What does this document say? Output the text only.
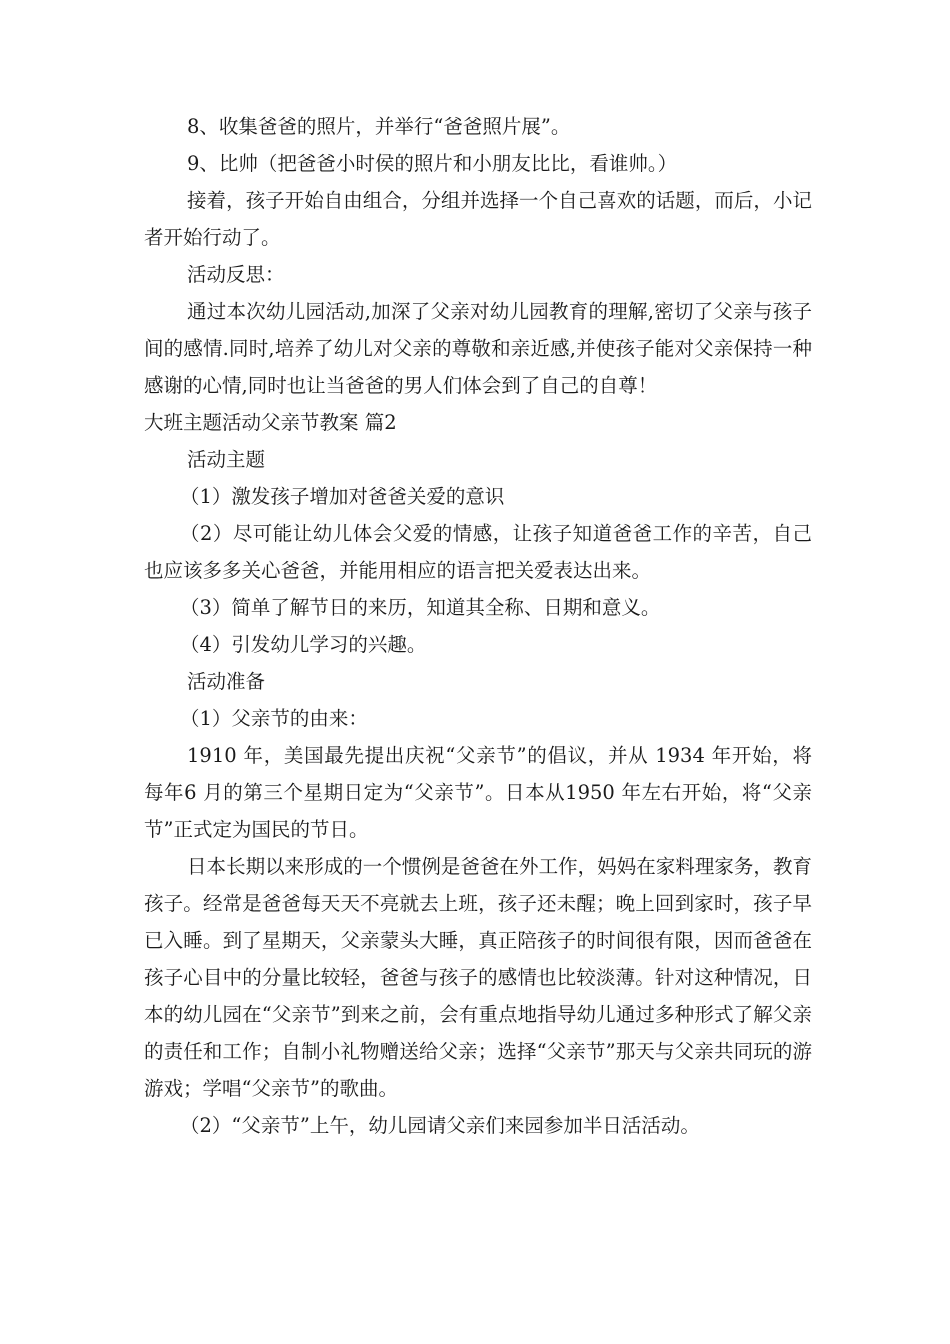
8、收集爸爸的照片，并举行“爸爸照片展”。

9、比帅（把爸爸小时侯的照片和小朋友比比，看谁帅。）

接着，孩子开始自由组合，分组并选择一个自己喜欢的话题，而后，小记者开始行动了。

活动反思：

通过本次幼儿园活动,加深了父亲对幼儿园教育的理解,密切了父亲与孩子间的感情.同时,培养了幼儿对父亲的尊敬和亲近感,并使孩子能对父亲保持一种感谢的心情,同时也让当爸爸的男人们体会到了自己的自尊！

大班主题活动父亲节教案 篇2

活动主题

（1）激发孩子增加对爸爸关爱的意识

（2）尽可能让幼儿体会父爱的情感，让孩子知道爸爸工作的辛苦，自己也应该多多关心爸爸，并能用相应的语言把关爱表达出来。

（3）简单了解节日的来历，知道其全称、日期和意义。

（4）引发幼儿学习的兴趣。

活动准备

（1）父亲节的由来：

1910 年，美国最先提出庆祝“父亲节”的倡议，并从 1934 年开始，将每年6 月的第三个星期日定为“父亲节”。日本从1950 年左右开始，将“父亲节”正式定为国民的节日。

日本长期以来形成的一个惯例是爸爸在外工作，妈妈在家料理家务，教育孩子。经常是爸爸每天天不亮就去上班，孩子还未醒；晚上回到家时，孩子早已入睡。到了星期天，父亲蒙头大睡，真正陪孩子的时间很有限，因而爸爸在孩子心目中的分量比较轻，爸爸与孩子的感情也比较淡薄。针对这种情况，日本的幼儿园在“父亲节”到来之前，会有重点地指导幼儿通过多种形式了解父亲的责任和工作；自制小礼物赠送给父亲；选择“父亲节”那天与父亲共同玩的游游戏；学唱“父亲节”的歌曲。

（2）“父亲节”上午，幼儿园请父亲们来园参加半日活活动。
